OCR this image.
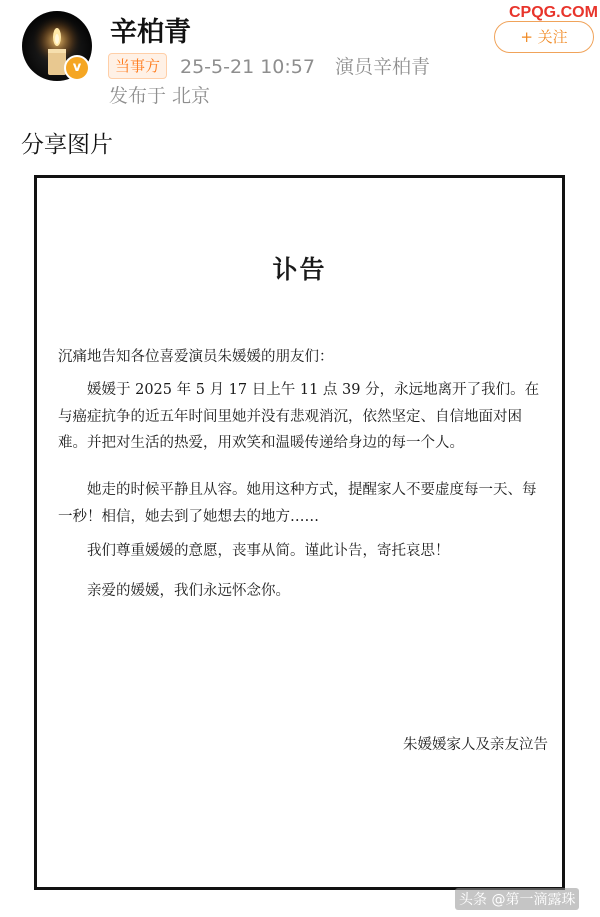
v
辛柏青
当事方	25-5-21 10:57 演员辛柏青
发布于 北京
+ 关注
CPQG.COM
分享图片
讣告
沉痛地告知各位喜爱演员朱媛媛的朋友们：
媛媛于 2025 年 5 月 17 日上午 11 点 39 分，永远地离开了我们。在与癌症抗争的近五年时间里她并没有悲观消沉，依然坚定、自信地面对困难。并把对生活的热爱，用欢笑和温暖传递给身边的每一个人。
她走的时候平静且从容。她用这种方式，提醒家人不要虚度每一天、每一秒！相信，她去到了她想去的地方……
我们尊重媛媛的意愿，丧事从简。谨此讣告，寄托哀思！
亲爱的媛媛，我们永远怀念你。
朱媛媛家人及亲友泣告
头条 @第一滴露珠
